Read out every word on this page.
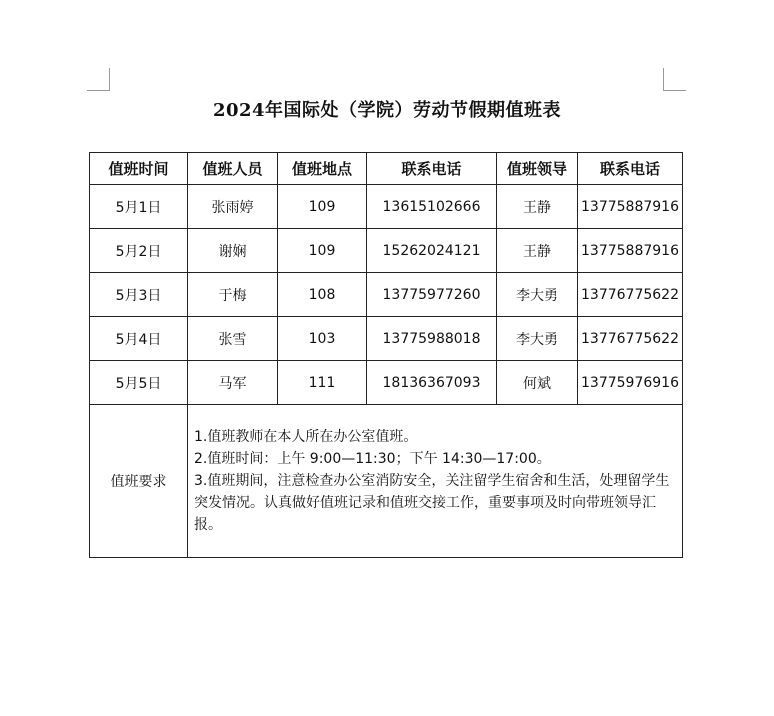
2024年国际处（学院）劳动节假期值班表
值班时间	值班人员	值班地点	联系电话	值班领导	联系电话
5月1日	张雨婷	109	13615102666	王静	13775887916
5月2日	谢娴	109	15262024121	王静	13775887916
5月3日	于梅	108	13775977260	李大勇	13776775622
5月4日	张雪	103	13775988018	李大勇	13776775622
5月5日	马军	111	18136367093	何斌	13775976916
值班要求	1.值班教师在本人所在办公室值班。
2.值班时间：上午 9:00—11:30；下午 14:30—17:00。
3.值班期间，注意检查办公室消防安全，关注留学生宿舍和生活，处理留学生突发情况。认真做好值班记录和值班交接工作，重要事项及时向带班领导汇报。				
